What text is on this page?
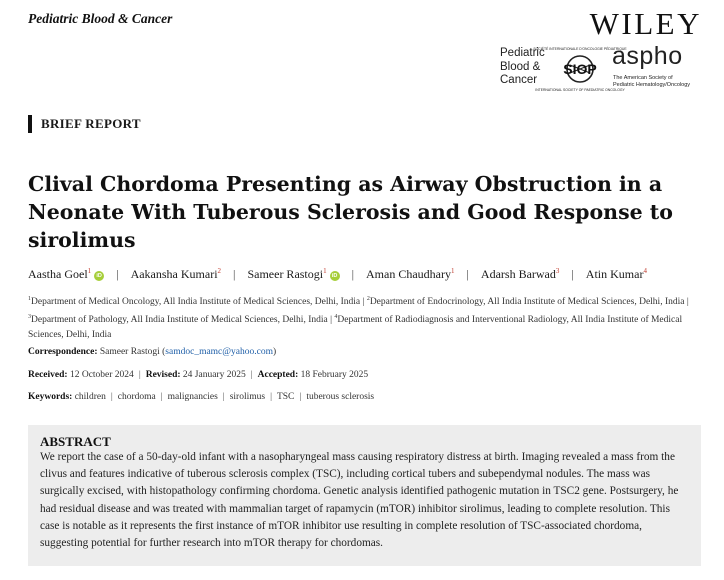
Pediatric Blood & Cancer	WILEY
Pediatric
Blood &
Cancer
SOCIÉTÉ INTERNATIONALE D'ONCOLOGIE PÉDIATRIQUE
SIOP
INTERNATIONAL SOCIETY OF PAEDIATRIC ONCOLOGY
aspho
The American Society of
Pediatric Hematology/Oncology
BRIEF REPORT
Clival Chordoma Presenting as Airway Obstruction in a Neonate With Tuberous Sclerosis and Good Response to sirolimus
Aastha Goel$^1$iD | Aakansha Kumari$^2$ | Sameer Rastogi$^1$iD | Aman Chaudhary$^1$ | Adarsh Barwad$^3$ | Atin Kumar$^4$
$^1$Department of Medical Oncology, All India Institute of Medical Sciences, Delhi, India | $^2$Department of Endocrinology, All India Institute of Medical Sciences, Delhi, India | $^3$Department of Pathology, All India Institute of Medical Sciences, Delhi, India | $^4$Department of Radiodiagnosis and Interventional Radiology, All India Institute of Medical Sciences, Delhi, India
Correspondence: Sameer Rastogi (samdoc_mamc@yahoo.com)
Received: 12 October 2024 | Revised: 24 January 2025 | Accepted: 18 February 2025
Keywords: children | chordoma | malignancies | sirolimus | TSC | tuberous sclerosis
ABSTRACT

We report the case of a 50-day-old infant with a nasopharyngeal mass causing respiratory distress at birth. Imaging revealed a mass from the clivus and features indicative of tuberous sclerosis complex (TSC), including cortical tubers and subependymal nodules. The mass was surgically excised, with histopathology confirming chordoma. Genetic analysis identified pathogenic mutation in TSC2 gene. Postsurgery, he had residual disease and was treated with mammalian target of rapamycin (mTOR) inhibitor sirolimus, leading to complete resolution. This case is notable as it represents the first instance of mTOR inhibitor use resulting in complete resolution of TSC-associated chordoma, suggesting potential for further research into mTOR therapy for chordomas.
